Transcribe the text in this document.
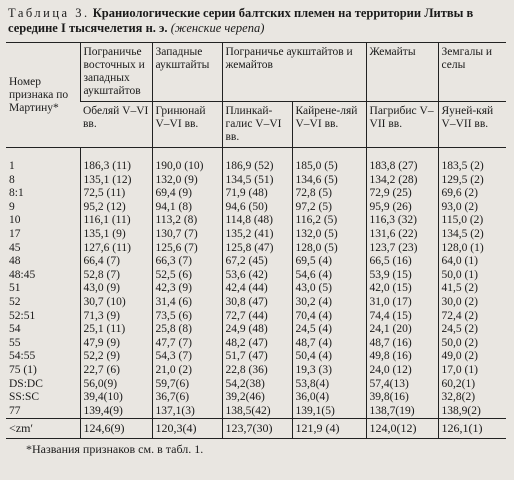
Таблица 3. Краниологические серии балтских племен на территории Литвы в середине I тысячелетия н. э. (женские черепа)
Номер признака по Мартину*	Пограничье восточных и западных аукштайтов	Западные аукштайты	Пограничье аукштайтов и жемайтов		Жемайты	Земгалы и селы
	Обеляй V–VI вв.	Гринюнай V–VI вв.	Плинкай-галис V–VI вв.	Кайрене-ляй V–VI вв.	Пагрибис V–VII вв.	Яуней-кяй V–VII вв.

1	186,3 (11)	190,0 (10)	186,9 (52)	185,0 (5)	183,8 (27)	183,5 (2)
8	135,1 (12)	132,0 (9)	134,5 (51)	134,6 (5)	134,2 (28)	129,5 (2)
8:1	72,5 (11)	69,4 (9)	71,9 (48)	72,8 (5)	72,9 (25)	69,6 (2)
9	95,2 (12)	94,1 (8)	94,6 (50)	97,2 (5)	95,9 (26)	93,0 (2)
10	116,1 (11)	113,2 (8)	114,8 (48)	116,2 (5)	116,3 (32)	115,0 (2)
17	135,1 (9)	130,7 (7)	135,2 (41)	132,0 (5)	131,6 (22)	134,5 (2)
45	127,6 (11)	125,6 (7)	125,8 (47)	128,0 (5)	123,7 (23)	128,0 (1)
48	66,4 (7)	66,3 (7)	67,2 (45)	69,5 (4)	66,5 (16)	64,0 (1)
48:45	52,8 (7)	52,5 (6)	53,6 (42)	54,6 (4)	53,9 (15)	50,0 (1)
51	43,0 (9)	42,3 (9)	42,4 (44)	43,0 (5)	42,0 (15)	41,5 (2)
52	30,7 (10)	31,4 (6)	30,8 (47)	30,2 (4)	31,0 (17)	30,0 (2)
52:51	71,3 (9)	73,5 (6)	72,7 (44)	70,4 (4)	74,4 (15)	72,4 (2)
54	25,1 (11)	25,8 (8)	24,9 (48)	24,5 (4)	24,1 (20)	24,5 (2)
55	47,9 (9)	47,7 (7)	48,2 (47)	48,7 (4)	48,7 (16)	50,0 (2)
54:55	52,2 (9)	54,3 (7)	51,7 (47)	50,4 (4)	49,8 (16)	49,0 (2)
75 (1)	22,7 (6)	21,0 (2)	22,8 (36)	19,3 (3)	24,0 (12)	17,0 (1)
DS:DC	56,0(9)	59,7(6)	54,2(38)	53,8(4)	57,4(13)	60,2(1)
SS:SC	39,4(10)	36,7(6)	39,2(46)	36,0(4)	39,8(16)	32,8(2)
77	139,4(9)	137,1(3)	138,5(42)	139,1(5)	138,7(19)	138,9(2)
<zm′	124,6(9)	120,3(4)	123,7(30)	121,9 (4)	124,0(12)	126,1(1)
*Названия признаков см. в табл. 1.
